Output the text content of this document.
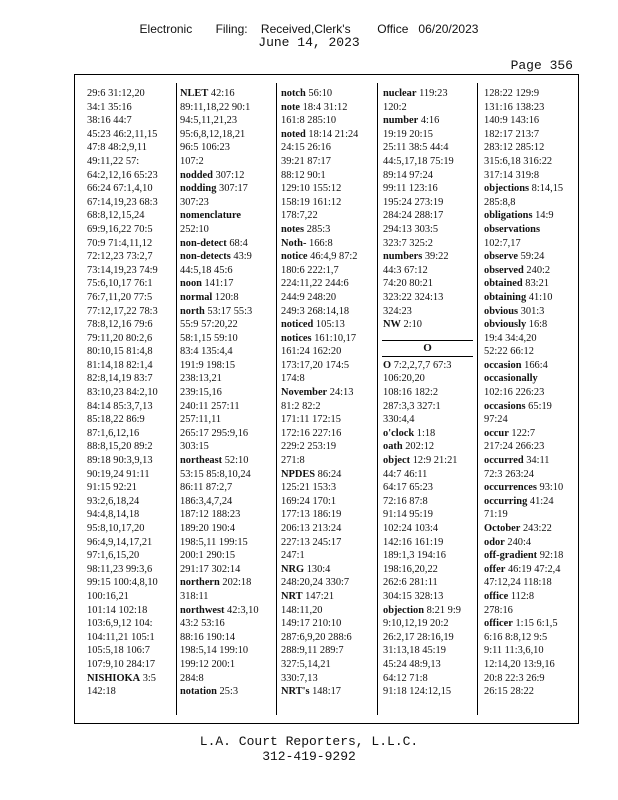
Electronic Filing: Received,Clerk's Office 06/20/2023
June 14, 2023
Page 356
29:6 31:12,20
34:1 35:16
38:16 44:7
45:23 46:2,11,15
47:8 48:2,9,11
49:11,22 57:
64:2,12,16 65:23
66:24 67:1,4,10
67:14,19,23 68:3
68:8,12,15,24
69:9,16,22 70:5
70:9 71:4,11,12
72:12,23 73:2,7
73:14,19,23 74:9
75:6,10,17 76:1
76:7,11,20 77:5
77:12,17,22 78:3
78:8,12,16 79:6
79:11,20 80:2,6
80:10,15 81:4,8
81:14,18 82:1,4
82:8,14,19 83:7
83:10,23 84:2,10
84:14 85:3,7,13
85:18,22 86:9
87:1,6,12,16
88:8,15,20 89:2
89:18 90:3,9,13
90:19,24 91:11
91:15 92:21
93:2,6,18,24
94:4,8,14,18
95:8,10,17,20
96:4,9,14,17,21
97:1,6,15,20
98:11,23 99:3,6
99:15 100:4,8,10
100:16,21
101:14 102:18
103:6,9,12 104:
104:11,21 105:1
105:5,18 106:7
107:9,10 284:17
NISHIOKA 3:5
142:18
NLET 42:16
89:11,18,22 90:1
94:5,11,21,23
95:6,8,12,18,21
96:5 106:23
107:2
nodded 307:12
nodding 307:17
307:23
nomenclature
252:10
non-detect 68:4
non-detects 43:9
44:5,18 45:6
noon 141:17
normal 120:8
north 53:17 55:3
55:9 57:20,22
58:1,15 59:10
83:4 135:4,4
191:9 198:15
238:13,21
239:15,16
240:11 257:11
257:11,11
265:17 295:9,16
303:15
northeast 52:10
53:15 85:8,10,24
86:11 87:2,7
186:3,4,7,24
187:12 188:23
189:20 190:4
198:5,11 199:15
200:1 290:15
291:17 302:14
northern 202:18
318:11
northwest 42:3,10
43:2 53:16
88:16 190:14
198:5,14 199:10
199:12 200:1
284:8
notation 25:3
notch 56:10
note 18:4 31:12
161:8 285:10
noted 18:14 21:24
24:15 26:16
39:21 87:17
88:12 90:1
129:10 155:12
158:19 161:12
178:7,22
notes 285:3
Noth- 166:8
notice 46:4,9 87:2
180:6 222:1,7
224:11,22 244:6
244:9 248:20
249:3 268:14,18
noticed 105:13
notices 161:10,17
161:24 162:20
173:17,20 174:5
174:8
November 24:13
81:2 82:2
171:11 172:15
172:16 227:16
229:2 253:19
271:8
NPDES 86:24
125:21 153:3
169:24 170:1
177:13 186:19
206:13 213:24
227:13 245:17
247:1
NRG 130:4
248:20,24 330:7
NRT 147:21
148:11,20
149:17 210:10
287:6,9,20 288:6
288:9,11 289:7
327:5,14,21
330:7,13
NRT's 148:17
nuclear 119:23
120:2
number 4:16
19:19 20:15
25:11 38:5 44:4
44:5,17,18 75:19
89:14 97:24
99:11 123:16
195:24 273:19
284:24 288:17
294:13 303:5
323:7 325:2
numbers 39:22
44:3 67:12
74:20 80:21
323:22 324:13
324:23
NW 2:10
O 7:2,2,7,7 67:3
106:20,20
108:16 182:2
287:3,3 327:1
330:4,4
o'clock 1:18
oath 202:12
object 12:9 21:21
44:7 46:11
64:17 65:23
72:16 87:8
91:14 95:19
102:24 103:4
142:16 161:19
189:1,3 194:16
198:16,20,22
262:6 281:11
304:15 328:13
objection 8:21 9:9
9:10,12,19 20:2
26:2,17 28:16,19
31:13,18 45:19
45:24 48:9,13
64:12 71:8
91:18 124:12,15
128:22 129:9
131:16 138:23
140:9 143:16
182:17 213:7
283:12 285:12
315:6,18 316:22
317:14 319:8
objections 8:14,15
285:8,8
obligations 14:9
observations
102:7,17
observe 59:24
observed 240:2
obtained 83:21
obtaining 41:10
obvious 301:3
obviously 16:8
19:4 34:4,20
52:22 66:12
occasion 166:4
occasionally
102:16 226:23
occasions 65:19
97:24
occur 122:7
217:24 266:23
occurred 34:11
72:3 263:24
occurrences 93:10
occurring 41:24
71:19
October 243:22
odor 240:4
off-gradient 92:18
offer 46:19 47:2,4
47:12,24 118:18
office 112:8
278:16
officer 1:15 6:1,5
6:16 8:8,12 9:5
9:11 11:3,6,10
12:14,20 13:9,16
20:8 22:3 26:9
26:15 28:22
O
L.A. Court Reporters, L.L.C.
312-419-9292
